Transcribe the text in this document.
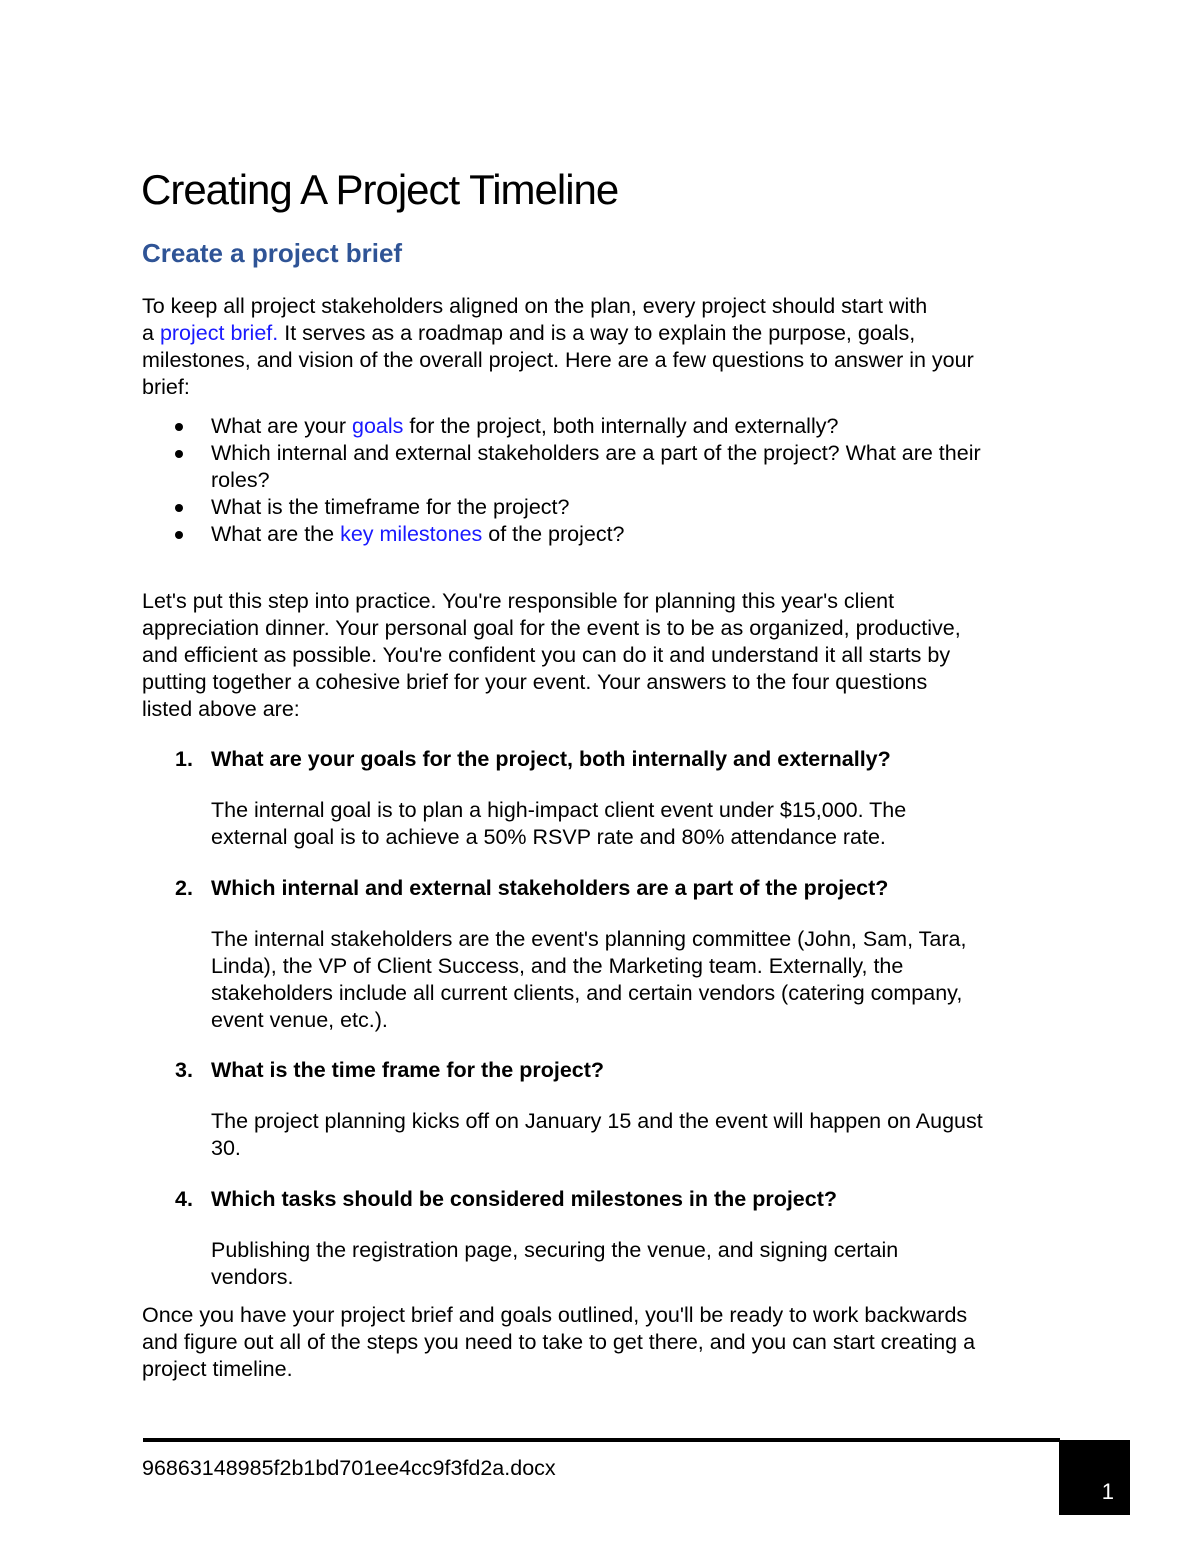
Creating A Project Timeline
Create a project brief
To keep all project stakeholders aligned on the plan, every project should start with
a project brief. It serves as a roadmap and is a way to explain the purpose, goals,
milestones, and vision of the overall project. Here are a few questions to answer in your
brief:
What are your goals for the project, both internally and externally?
Which internal and external stakeholders are a part of the project? What are their
roles?
What is the timeframe for the project?
What are the key milestones of the project?
Let's put this step into practice. You're responsible for planning this year's client
appreciation dinner. Your personal goal for the event is to be as organized, productive,
and efficient as possible. You're confident you can do it and understand it all starts by
putting together a cohesive brief for your event. Your answers to the four questions
listed above are:
1. What are your goals for the project, both internally and externally?
The internal goal is to plan a high-impact client event under $15,000. The
external goal is to achieve a 50% RSVP rate and 80% attendance rate.
2. Which internal and external stakeholders are a part of the project?
The internal stakeholders are the event's planning committee (John, Sam, Tara,
Linda), the VP of Client Success, and the Marketing team. Externally, the
stakeholders include all current clients, and certain vendors (catering company,
event venue, etc.).
3. What is the time frame for the project?
The project planning kicks off on January 15 and the event will happen on August
30.
4. Which tasks should be considered milestones in the project?
Publishing the registration page, securing the venue, and signing certain
vendors.
Once you have your project brief and goals outlined, you'll be ready to work backwards
and figure out all of the steps you need to take to get there, and you can start creating a
project timeline.
96863148985f2b1bd701ee4cc9f3fd2a.docx
1
